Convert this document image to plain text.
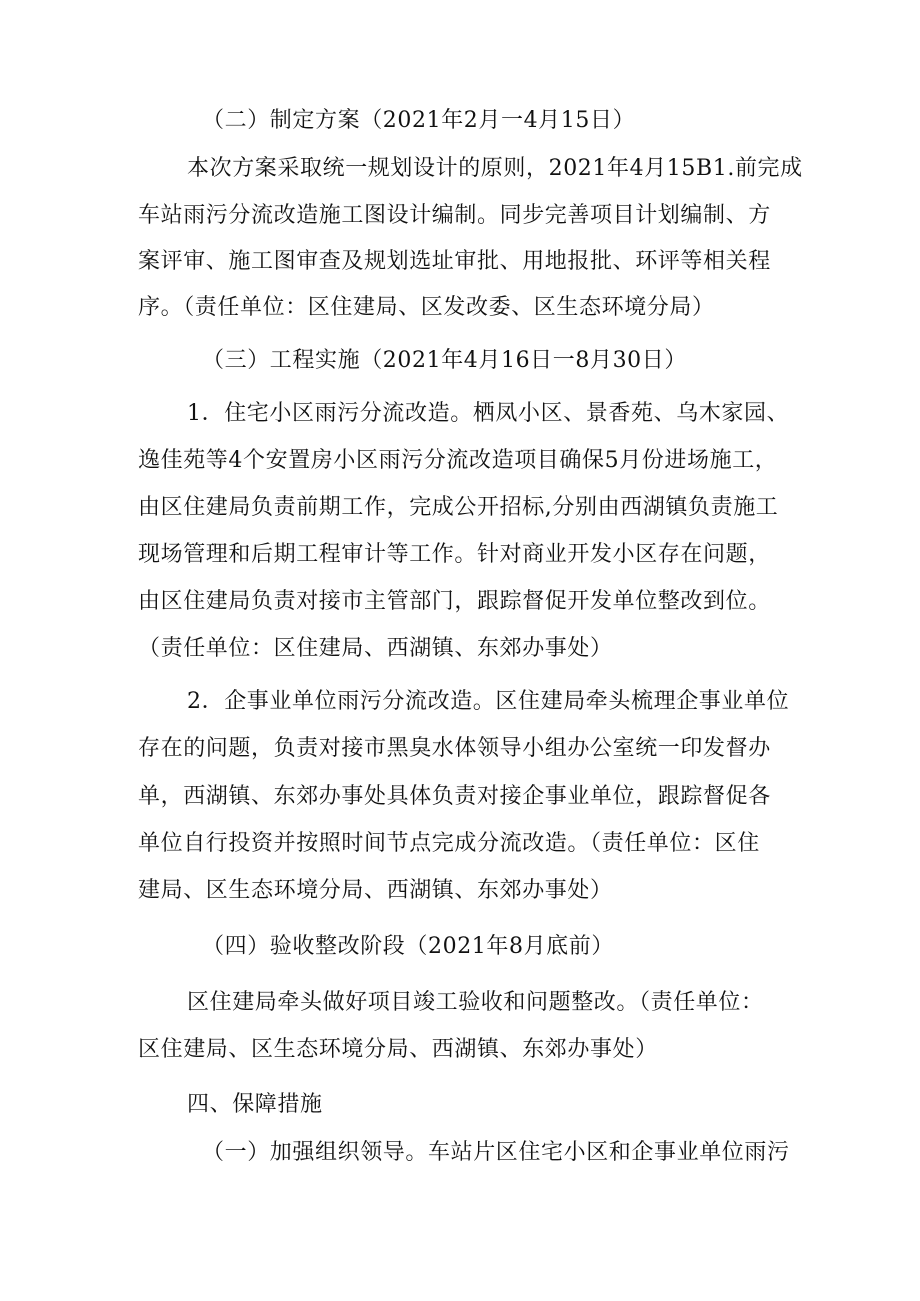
（二）制定方案（2021年2月一4月15日）
本次方案采取统一规划设计的原则，2021年4月15B1.前完成
车站雨污分流改造施工图设计编制。同步完善项目计划编制、方
案评审、施工图审查及规划选址审批、用地报批、环评等相关程
序。（责任单位：区住建局、区发改委、区生态环境分局）
（三）工程实施（2021年4月16日一8月30日）
1．住宅小区雨污分流改造。栖凤小区、景香苑、乌木家园、
逸佳苑等4个安置房小区雨污分流改造项目确保5月份进场施工，
由区住建局负责前期工作，完成公开招标,分别由西湖镇负责施工
现场管理和后期工程审计等工作。针对商业开发小区存在问题，
由区住建局负责对接市主管部门，跟踪督促开发单位整改到位。
（责任单位：区住建局、西湖镇、东郊办事处）
2．企事业单位雨污分流改造。区住建局牵头梳理企事业单位
存在的问题，负责对接市黑臭水体领导小组办公室统一印发督办
单，西湖镇、东郊办事处具体负责对接企事业单位，跟踪督促各
单位自行投资并按照时间节点完成分流改造。（责任单位：区住
建局、区生态环境分局、西湖镇、东郊办事处）
（四）验收整改阶段（2021年8月底前）
区住建局牵头做好项目竣工验收和问题整改。（责任单位：
区住建局、区生态环境分局、西湖镇、东郊办事处）
四、保障措施
（一）加强组织领导。车站片区住宅小区和企事业单位雨污
